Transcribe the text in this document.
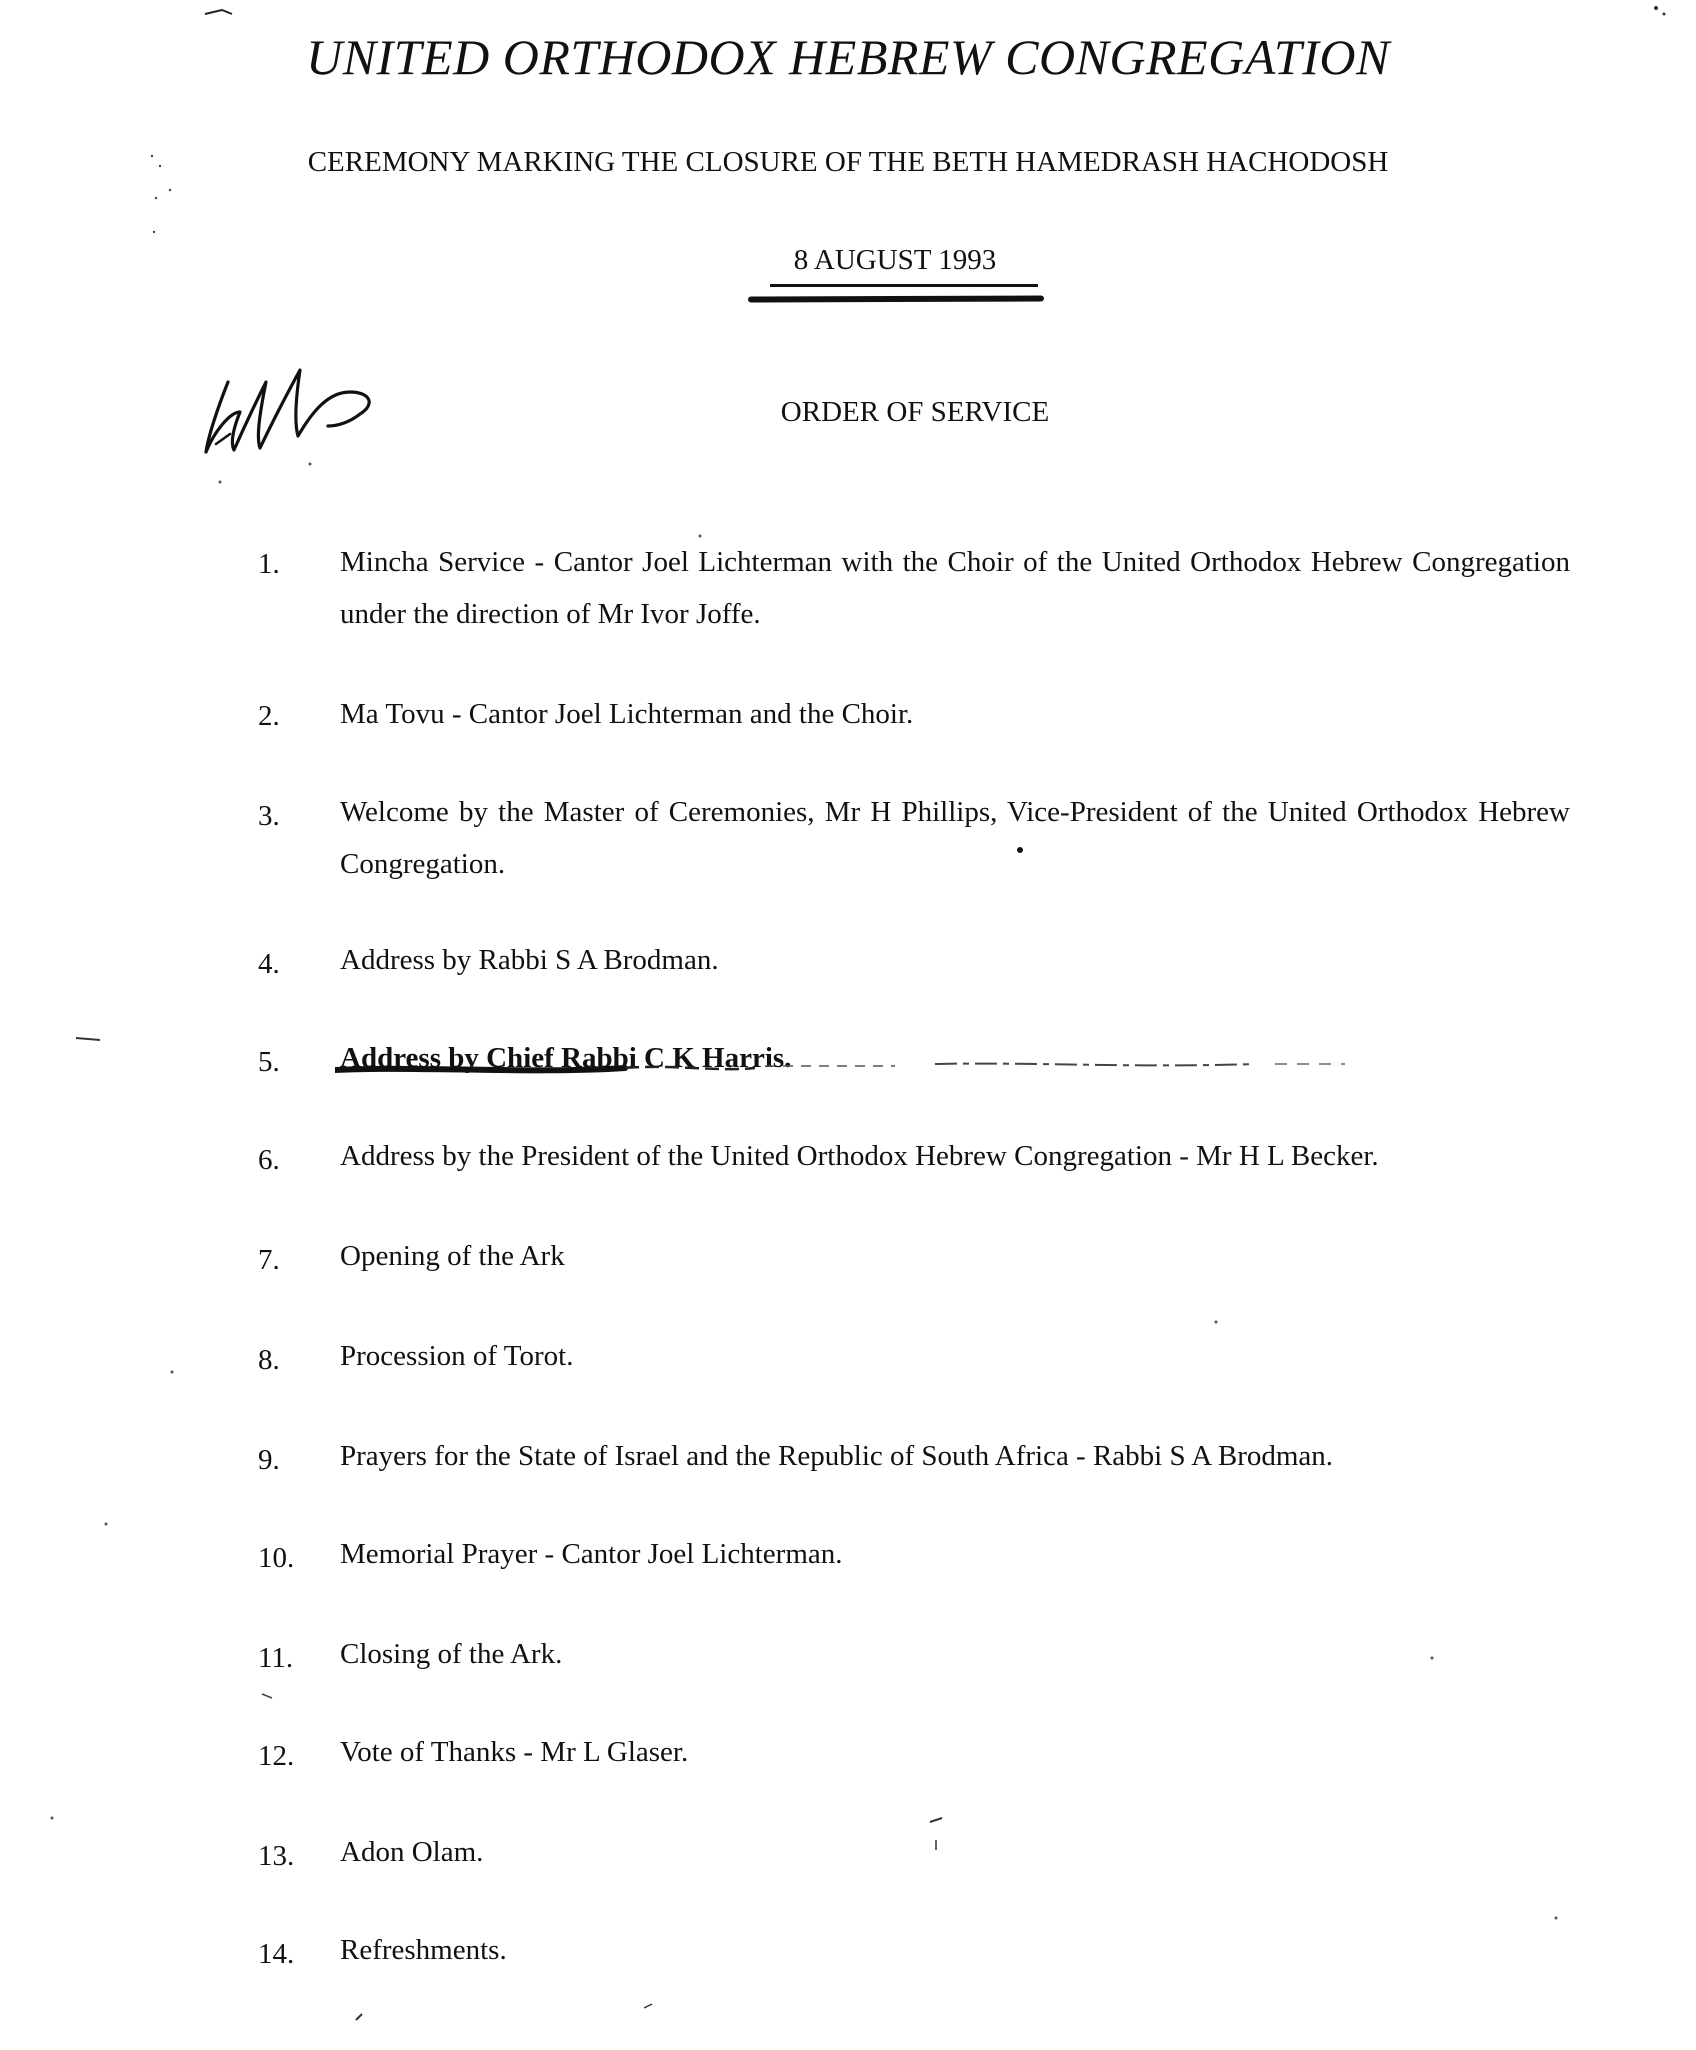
UNITED ORTHODOX HEBREW CONGREGATION
CEREMONY MARKING THE CLOSURE OF THE BETH HAMEDRASH HACHODOSH
8 AUGUST 1993
ORDER OF SERVICE
1. Mincha Service - Cantor Joel Lichterman with the Choir of the United Orthodox Hebrew Congregation under the direction of Mr Ivor Joffe.
2. Ma Tovu - Cantor Joel Lichterman and the Choir.
3. Welcome by the Master of Ceremonies, Mr H Phillips, Vice-President of the United Orthodox Hebrew Congregation.
4. Address by Rabbi S A Brodman.
5. Address by Chief Rabbi C K Harris.
6. Address by the President of the United Orthodox Hebrew Congregation - Mr H L Becker.
7. Opening of the Ark
8. Procession of Torot.
9. Prayers for the State of Israel and the Republic of South Africa - Rabbi S A Brodman.
10. Memorial Prayer - Cantor Joel Lichterman.
11. Closing of the Ark.
12. Vote of Thanks - Mr L Glaser.
13. Adon Olam.
14. Refreshments.
